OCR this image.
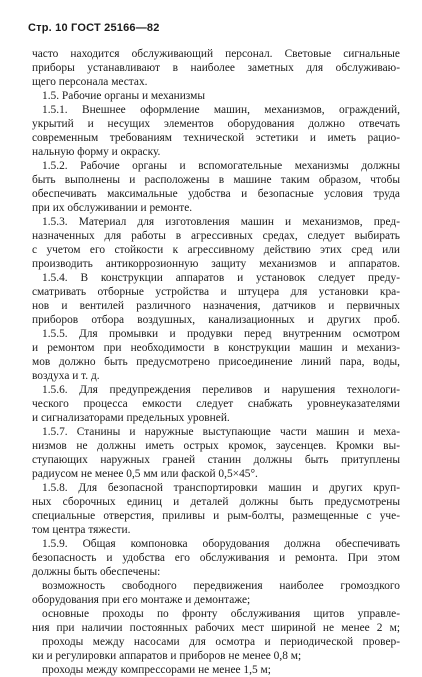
Стр. 10 ГОСТ 25166—82
часто находится обслуживающий персонал. Световые сигнальные
приборы устанавливают в наиболее заметных для обслуживаю-
щего персонала местах.
1.5. Рабочие органы и механизмы
1.5.1. Внешнее оформление машин, механизмов, ограждений,
укрытий и несущих элементов оборудования должно отвечать
современным требованиям технической эстетики и иметь рацио-
нальную форму и окраску.
1.5.2. Рабочие органы и вспомогательные механизмы должны
быть выполнены и расположены в машине таким образом, чтобы
обеспечивать максимальные удобства и безопасные условия труда
при их обслуживании и ремонте.
1.5.3. Материал для изготовления машин и механизмов, пред-
назначенных для работы в агрессивных средах, следует выбирать
с учетом его стойкости к агрессивному действию этих сред или
производить антикоррозионную защиту механизмов и аппаратов.
1.5.4. В конструкции аппаратов и установок следует преду-
сматривать отборные устройства и штуцера для установки кра-
нов и вентилей различного назначения, датчиков и первичных
приборов отбора воздушных, канализационных и других проб.
1.5.5. Для промывки и продувки перед внутренним осмотром
и ремонтом при необходимости в конструкции машин и механиз-
мов должно быть предусмотрено присоединение линий пара, воды,
воздуха и т. д.
1.5.6. Для предупреждения переливов и нарушения технологи-
ческого процесса емкости следует снабжать уровнеуказателями
и сигнализаторами предельных уровней.
1.5.7. Станины и наружные выступающие части машин и меха-
низмов не должны иметь острых кромок, заусенцев. Кромки вы-
ступающих наружных граней станин должны быть притуплены
радиусом не менее 0,5 мм или фаской 0,5×45°.
1.5.8. Для безопасной транспортировки машин и других круп-
ных сборочных единиц и деталей должны быть предусмотрены
специальные отверстия, приливы и рым-болты, размещенные с уче-
том центра тяжести.
1.5.9. Общая компоновка оборудования должна обеспечивать
безопасность и удобства его обслуживания и ремонта. При этом
должны быть обеспечены:
возможность свободного передвижения наиболее громоздкого
оборудования при его монтаже и демонтаже;
основные проходы по фронту обслуживания щитов управле-
ния при наличии постоянных рабочих мест шириной не менее 2 м;
проходы между насосами для осмотра и периодической провер-
ки и регулировки аппаратов и приборов не менее 0,8 м;
проходы между компрессорами не менее 1,5 м;
